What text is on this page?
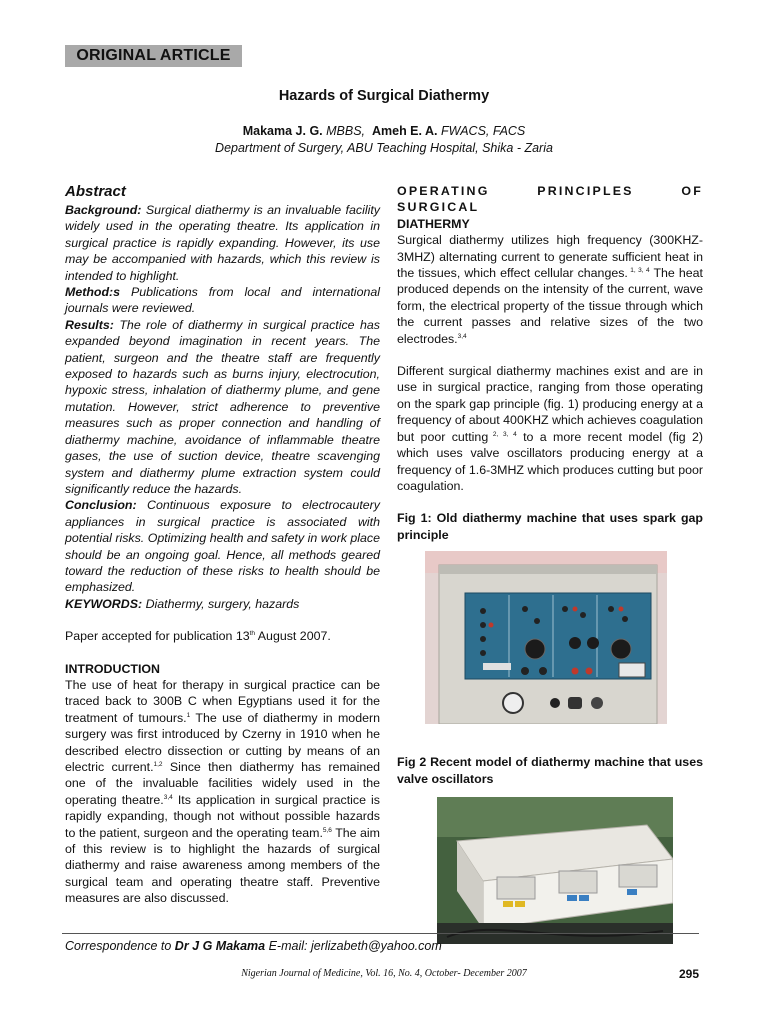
ORIGINAL ARTICLE
Hazards of Surgical Diathermy
Makama J. G. MBBS, Ameh E. A. FWACS, FACS
Department of Surgery, ABU Teaching Hospital, Shika - Zaria
Abstract

Background: Surgical diathermy is an invaluable facility widely used in the operating theatre. Its application in surgical practice is rapidly expanding. However, its use may be accompanied with hazards, which this review is intended to highlight.

Method:s Publications from local and international journals were reviewed.

Results: The role of diathermy in surgical practice has expanded beyond imagination in recent years. The patient, surgeon and the theatre staff are frequently exposed to hazards such as burns injury, electrocution, hypoxic stress, inhalation of diathermy plume, and gene mutation. However, strict adherence to preventive measures such as proper connection and handling of diathermy machine, avoidance of inflammable theatre gases, the use of suction device, theatre scavenging system and diathermy plume extraction system could significantly reduce the hazards.

Conclusion: Continuous exposure to electrocautery appliances in surgical practice is associated with potential risks. Optimizing health and safety in work place should be an ongoing goal. Hence, all methods geared toward the reduction of these risks to health should be emphasized.

KEYWORDS: Diathermy, surgery, hazards

Paper accepted for publication 13th August 2007.

INTRODUCTION

The use of heat for therapy in surgical practice can be traced back to 300B C when Egyptians used it for the treatment of tumours.$^1$ The use of diathermy in modern surgery was first introduced by Czerny in 1910 when he described electro dissection or cutting by means of an electric current.$^{1,2}$ Since then diathermy has remained one of the invaluable facilities widely used in the operating theatre.$^{3,4}$ Its application in surgical practice is rapidly expanding, though not without possible hazards to the patient, surgeon and the operating team.$^{5,6}$ The aim of this review is to highlight the hazards of surgical diathermy and raise awareness among members of the surgical team and operating theatre staff. Preventive measures are also discussed.

OPERATING PRINCIPLES OF SURGICAL

DIATHERMY

Surgical diathermy utilizes high frequency (300KHZ-3MHZ) alternating current to generate sufficient heat in the tissues, which effect cellular changes. $^{1, 3, 4}$ The heat produced depends on the intensity of the current, wave form, the electrical property of the tissue through which the current passes and relative sizes of the two electrodes.$^{3,4}$

Different surgical diathermy machines exist and are in use in surgical practice, ranging from those operating on the spark gap principle (fig. 1) producing energy at a frequency of about 400KHZ which achieves coagulation but poor cutting $^{2, 3, 4}$ to a more recent model (fig 2) which uses valve oscillators producing energy at a frequency of 1.6-3MHZ which produces cutting but poor coagulation.

Fig 1: Old diathermy machine that uses spark gap principle

Fig 2 Recent model of diathermy machine that uses valve oscillators

Correspondence to Dr J G Makama E-mail: jerlizabeth@yahoo.com
Nigerian Journal of Medicine, Vol. 16, No. 4, October- December 2007	295
